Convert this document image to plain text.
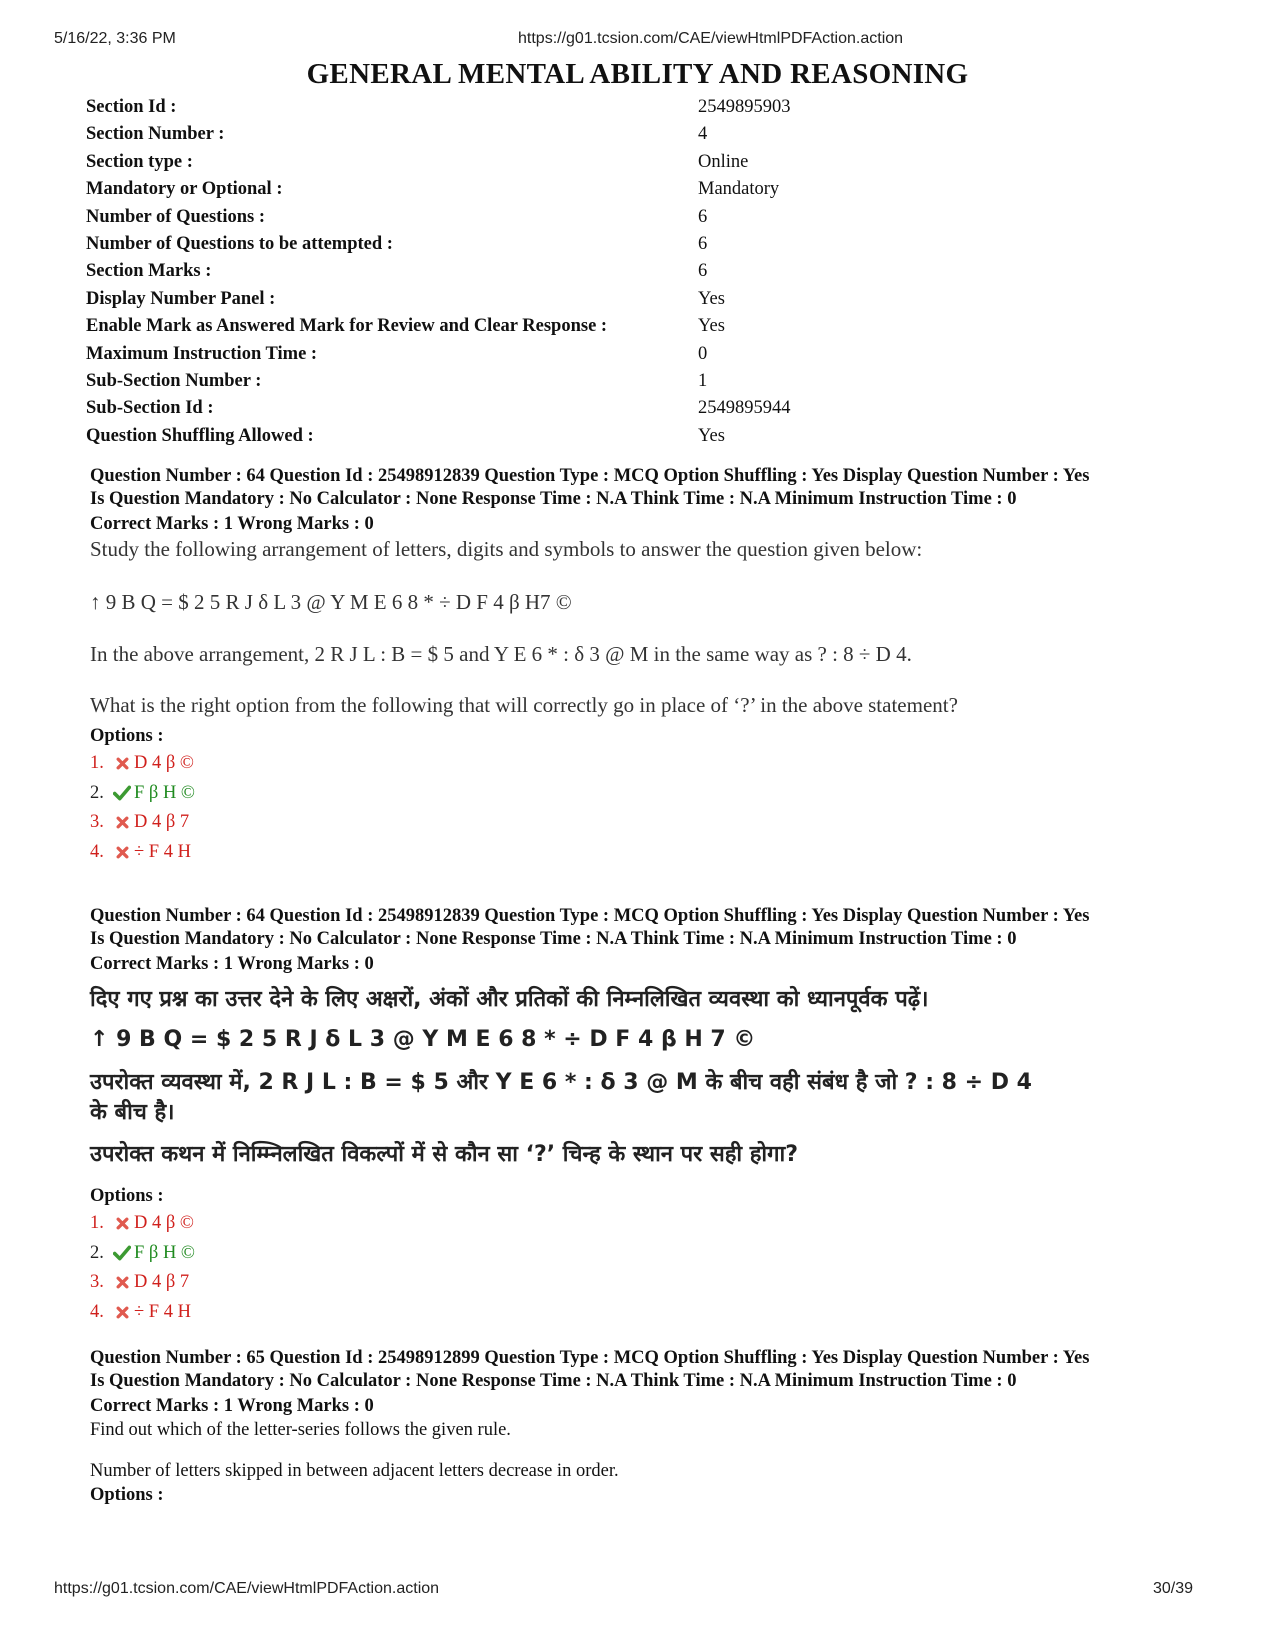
5/16/22, 3:36 PM	https://g01.tcsion.com/CAE/viewHtmlPDFAction.action
GENERAL MENTAL ABILITY AND REASONING
Section Id :	2549895903
Section Number :	4
Section type :	Online
Mandatory or Optional :	Mandatory
Number of Questions :	6
Number of Questions to be attempted :	6
Section Marks :	6
Display Number Panel :	Yes
Enable Mark as Answered Mark for Review and Clear Response :	Yes
Maximum Instruction Time :	0
Sub-Section Number :	1
Sub-Section Id :	2549895944
Question Shuffling Allowed :	Yes
Question Number : 64 Question Id : 25498912839 Question Type : MCQ Option Shuffling : Yes Display Question Number : Yes
Is Question Mandatory : No Calculator : None Response Time : N.A Think Time : N.A Minimum Instruction Time : 0
Correct Marks : 1 Wrong Marks : 0

Study the following arrangement of letters, digits and symbols to answer the question given below:

↑ 9 B Q = $ 2 5 R J δ L 3 @ Y M E 6 8 * ÷ D F 4 β H7 ©

In the above arrangement, 2 R J L : B = $ 5 and Y E 6 * : δ 3 @ M in the same way as ? : 8 ÷ D 4.

What is the right option from the following that will correctly go in place of ‘?’ in the above statement?

Options :
1.	D 4 β ©
2.	F β H ©
3.	D 4 β 7
4.	÷ F 4 H
Question Number : 64 Question Id : 25498912839 Question Type : MCQ Option Shuffling : Yes Display Question Number : Yes
Is Question Mandatory : No Calculator : None Response Time : N.A Think Time : N.A Minimum Instruction Time : 0
Correct Marks : 1 Wrong Marks : 0

दिए गए प्रश्न का उत्तर देने के लिए अक्षरों, अंकों और प्रतिकों की निम्नलिखित व्यवस्था को ध्यानपूर्वक पढ़ें।

↑ 9 B Q = $ 2 5 R J δ L 3 @ Y M E 6 8 * ÷ D F 4 β H 7 ©

उपरोक्त व्यवस्था में, 2 R J L : B = $ 5 और Y E 6 * : δ 3 @ M के बीच वही संबंध है जो ? : 8 ÷ D 4

के बीच है।

उपरोक्त कथन में निम्म्निलखित विकल्पों में से कौन सा ‘?’ चिन्ह के स्थान पर सही होगा?

Options :
1.	D 4 β ©
2.	F β H ©
3.	D 4 β 7
4.	÷ F 4 H
Question Number : 65 Question Id : 25498912899 Question Type : MCQ Option Shuffling : Yes Display Question Number : Yes
Is Question Mandatory : No Calculator : None Response Time : N.A Think Time : N.A Minimum Instruction Time : 0
Correct Marks : 1 Wrong Marks : 0
Find out which of the letter-series follows the given rule.
Number of letters skipped in between adjacent letters decrease in order.
Options :
https://g01.tcsion.com/CAE/viewHtmlPDFAction.action	30/39
